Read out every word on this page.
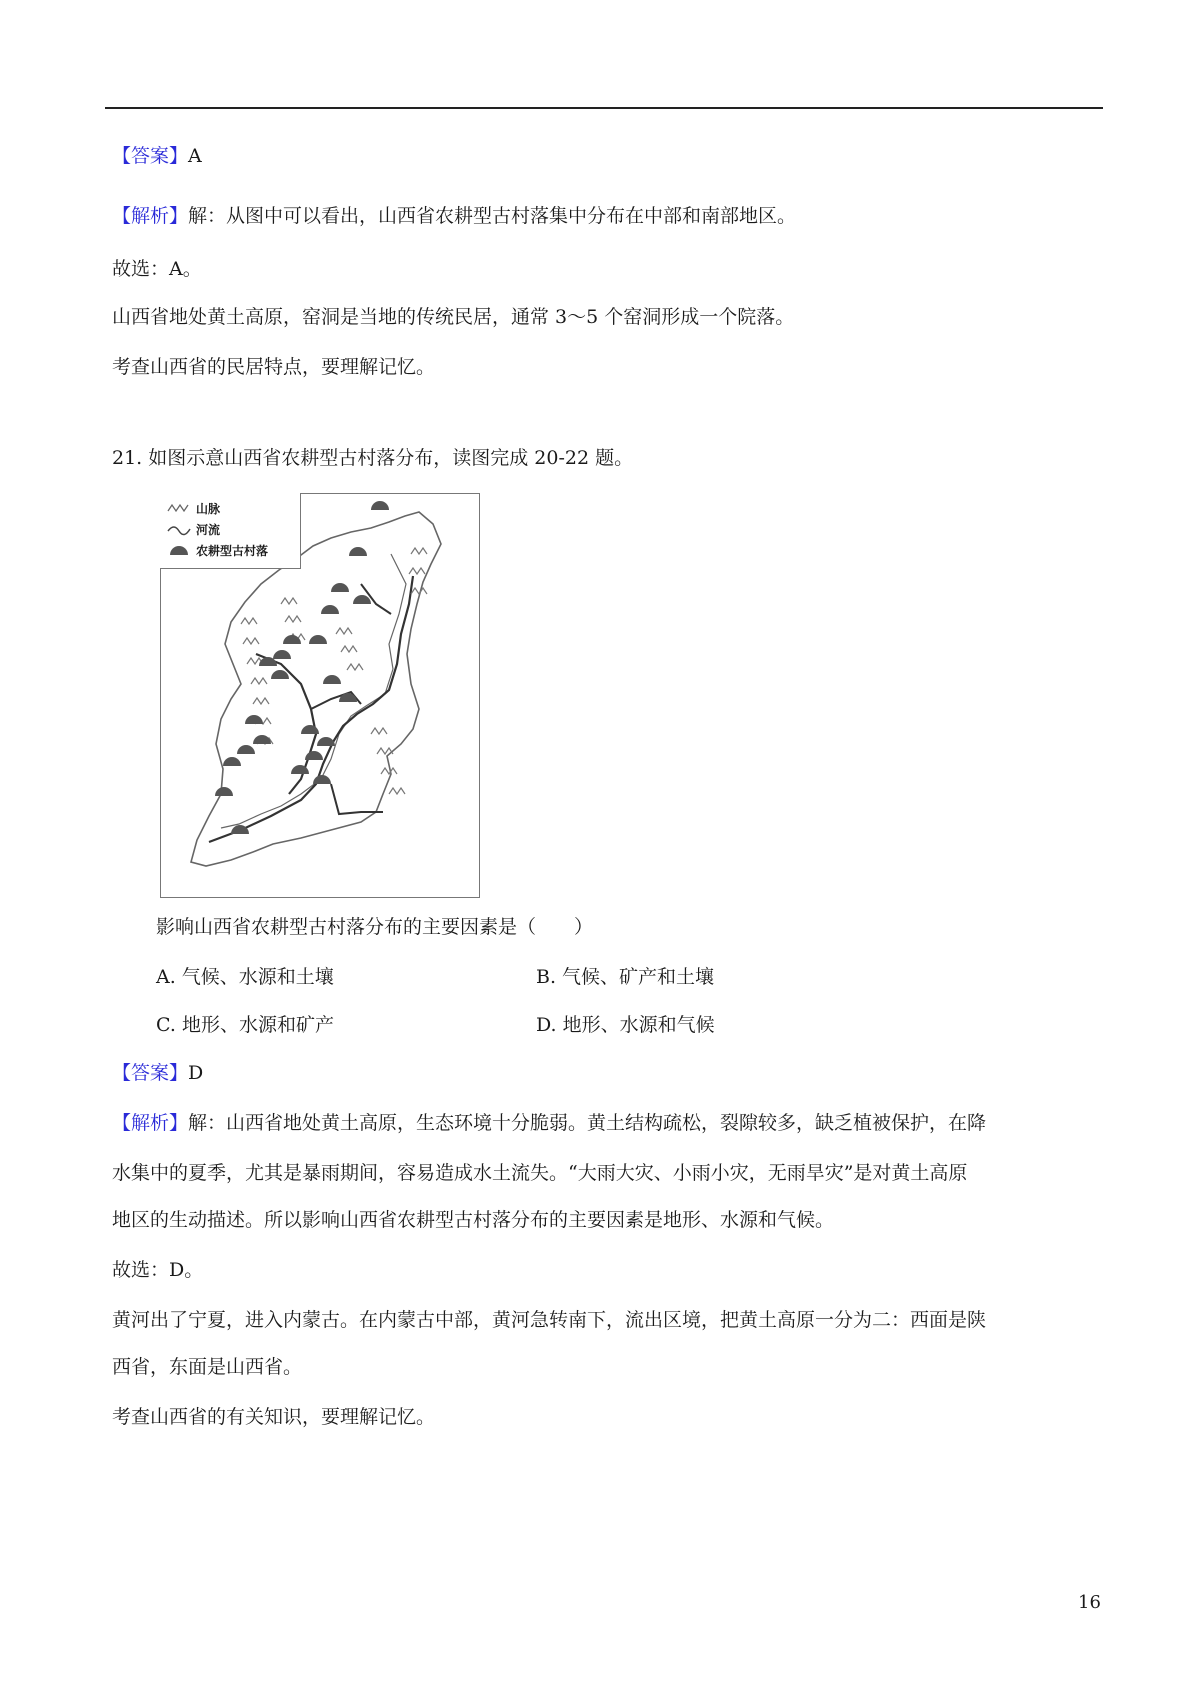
【答案】A
【解析】解：从图中可以看出，山西省农耕型古村落集中分布在中部和南部地区。
故选：A。
山西省地处黄土高原，窑洞是当地的传统民居，通常 3～5 个窑洞形成一个院落。
考查山西省的民居特点，要理解记忆。
21. 如图示意山西省农耕型古村落分布，读图完成 20-22 题。
山脉
河流
农耕型古村落
影响山西省农耕型古村落分布的主要因素是（　　）
A. 气候、水源和土壤	B. 气候、矿产和土壤
C. 地形、水源和矿产	D. 地形、水源和气候
【答案】D
【解析】解：山西省地处黄土高原，生态环境十分脆弱。黄土结构疏松，裂隙较多，缺乏植被保护，在降
水集中的夏季，尤其是暴雨期间，容易造成水土流失。“大雨大灾、小雨小灾，无雨旱灾”是对黄土高原
地区的生动描述。所以影响山西省农耕型古村落分布的主要因素是地形、水源和气候。
故选：D。
黄河出了宁夏，进入内蒙古。在内蒙古中部，黄河急转南下，流出区境，把黄土高原一分为二：西面是陕
西省，东面是山西省。
考查山西省的有关知识，要理解记忆。
16
